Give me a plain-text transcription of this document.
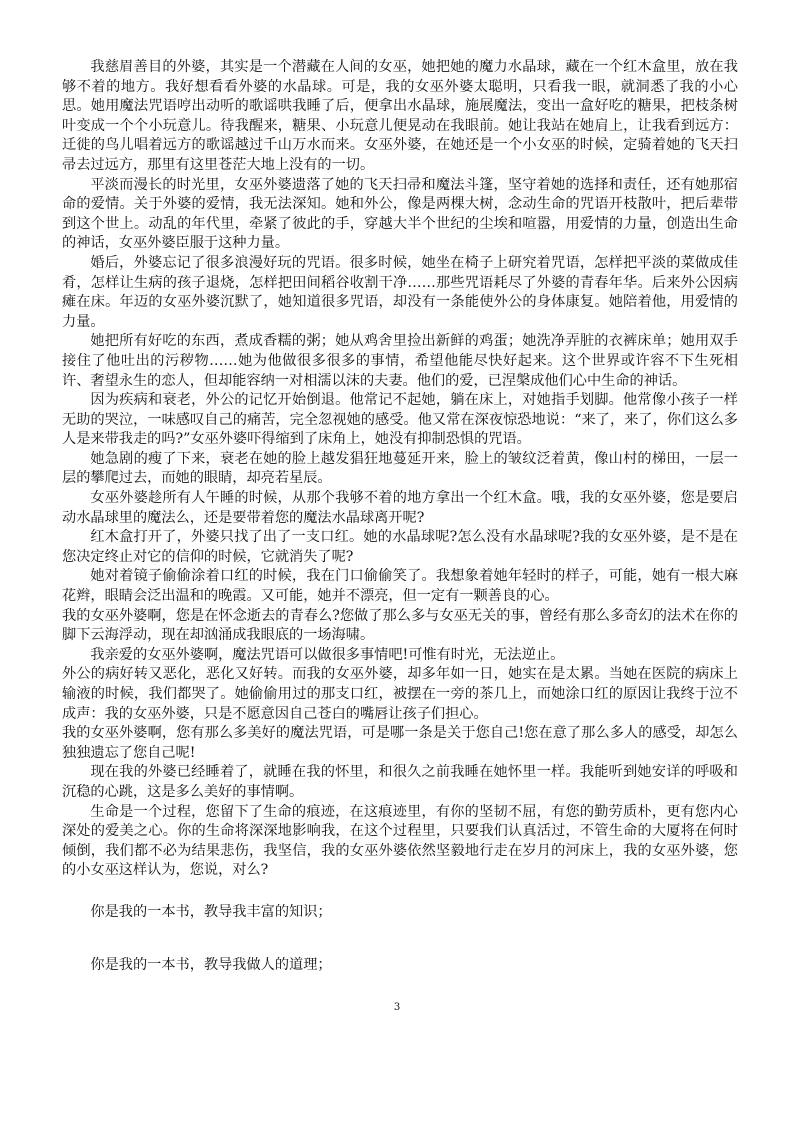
我慈眉善目的外婆，其实是一个潜藏在人间的女巫，她把她的魔力水晶球，藏在一个红木盒里，放在我够不着的地方。我好想看看外婆的水晶球。可是，我的女巫外婆太聪明，只看我一眼，就洞悉了我的小心思。她用魔法咒语哼出动听的歌谣哄我睡了后，便拿出水晶球，施展魔法，变出一盒好吃的糖果，把枝条树叶变成一个个小玩意儿。待我醒来，糖果、小玩意儿便晃动在我眼前。她让我站在她肩上，让我看到远方：迁徙的鸟儿唱着远方的歌谣越过千山万水而来。女巫外婆，在她还是一个小女巫的时候，定骑着她的飞天扫帚去过远方，那里有这里苍茫大地上没有的一切。

平淡而漫长的时光里，女巫外婆遗落了她的飞天扫帚和魔法斗篷，坚守着她的选择和责任，还有她那宿命的爱情。关于外婆的爱情，我无法深知。她和外公，像是两棵大树，念动生命的咒语开枝散叶，把后辈带到这个世上。动乱的年代里，牵紧了彼此的手，穿越大半个世纪的尘埃和喧嚣，用爱情的力量，创造出生命的神话，女巫外婆臣服于这种力量。

婚后，外婆忘记了很多浪漫好玩的咒语。很多时候，她坐在椅子上研究着咒语，怎样把平淡的菜做成佳肴，怎样让生病的孩子退烧，怎样把田间稻谷收割干净……那些咒语耗尽了外婆的青春年华。后来外公因病瘫在床。年迈的女巫外婆沉默了，她知道很多咒语，却没有一条能使外公的身体康复。她陪着他，用爱情的力量。

她把所有好吃的东西，煮成香糯的粥；她从鸡舍里捡出新鲜的鸡蛋；她洗净弄脏的衣裤床单；她用双手接住了他吐出的污秽物……她为他做很多很多的事情，希望他能尽快好起来。这个世界或许容不下生死相许、奢望永生的恋人，但却能容纳一对相濡以沫的夫妻。他们的爱，已涅槃成他们心中生命的神话。

因为疾病和衰老，外公的记忆开始倒退。他常记不起她，躺在床上，对她指手划脚。他常像小孩子一样无助的哭泣，一味感叹自己的痛苦，完全忽视她的感受。他又常在深夜惊恐地说：“来了，来了，你们这么多人是来带我走的吗?”女巫外婆吓得缩到了床角上，她没有抑制恐惧的咒语。

她急剧的瘦了下来，衰老在她的脸上越发猖狂地蔓延开来，脸上的皱纹泛着黄，像山村的梯田，一层一层的攀爬过去，而她的眼睛，却亮若星辰。

女巫外婆趁所有人午睡的时候，从那个我够不着的地方拿出一个红木盒。哦，我的女巫外婆，您是要启动水晶球里的魔法么，还是要带着您的魔法水晶球离开呢?

红木盒打开了，外婆只找了出了一支口红。她的水晶球呢?怎么没有水晶球呢?我的女巫外婆，是不是在您决定终止对它的信仰的时候，它就消失了呢?

她对着镜子偷偷涂着口红的时候，我在门口偷偷笑了。我想象着她年轻时的样子，可能，她有一根大麻花辫，眼睛会泛出温和的晚霞。又可能，她并不漂亮，但一定有一颗善良的心。

我的女巫外婆啊，您是在怀念逝去的青春么?您做了那么多与女巫无关的事，曾经有那么多奇幻的法术在你的脚下云海浮动，现在却汹涌成我眼底的一场海啸。

我亲爱的女巫外婆啊，魔法咒语可以做很多事情吧!可惟有时光，无法逆止。

外公的病好转又恶化，恶化又好转。而我的女巫外婆，却多年如一日，她实在是太累。当她在医院的病床上输液的时候，我们都哭了。她偷偷用过的那支口红，被摆在一旁的茶几上，而她涂口红的原因让我终于泣不成声：我的女巫外婆，只是不愿意因自己苍白的嘴唇让孩子们担心。

我的女巫外婆啊，您有那么多美好的魔法咒语，可是哪一条是关于您自己!您在意了那么多人的感受，却怎么独独遗忘了您自己呢!

现在我的外婆已经睡着了，就睡在我的怀里，和很久之前我睡在她怀里一样。我能听到她安详的呼吸和沉稳的心跳，这是多么美好的事情啊。

生命是一个过程，您留下了生命的痕迹，在这痕迹里，有你的坚韧不屈，有您的勤劳质朴，更有您内心深处的爱美之心。你的生命将深深地影响我，在这个过程里，只要我们认真活过，不管生命的大厦将在何时倾倒，我们都不必为结果悲伤，我坚信，我的女巫外婆依然坚毅地行走在岁月的河床上，我的女巫外婆，您的小女巫这样认为，您说，对么?

你是我的一本书，教导我丰富的知识；

你是我的一本书，教导我做人的道理；

3
